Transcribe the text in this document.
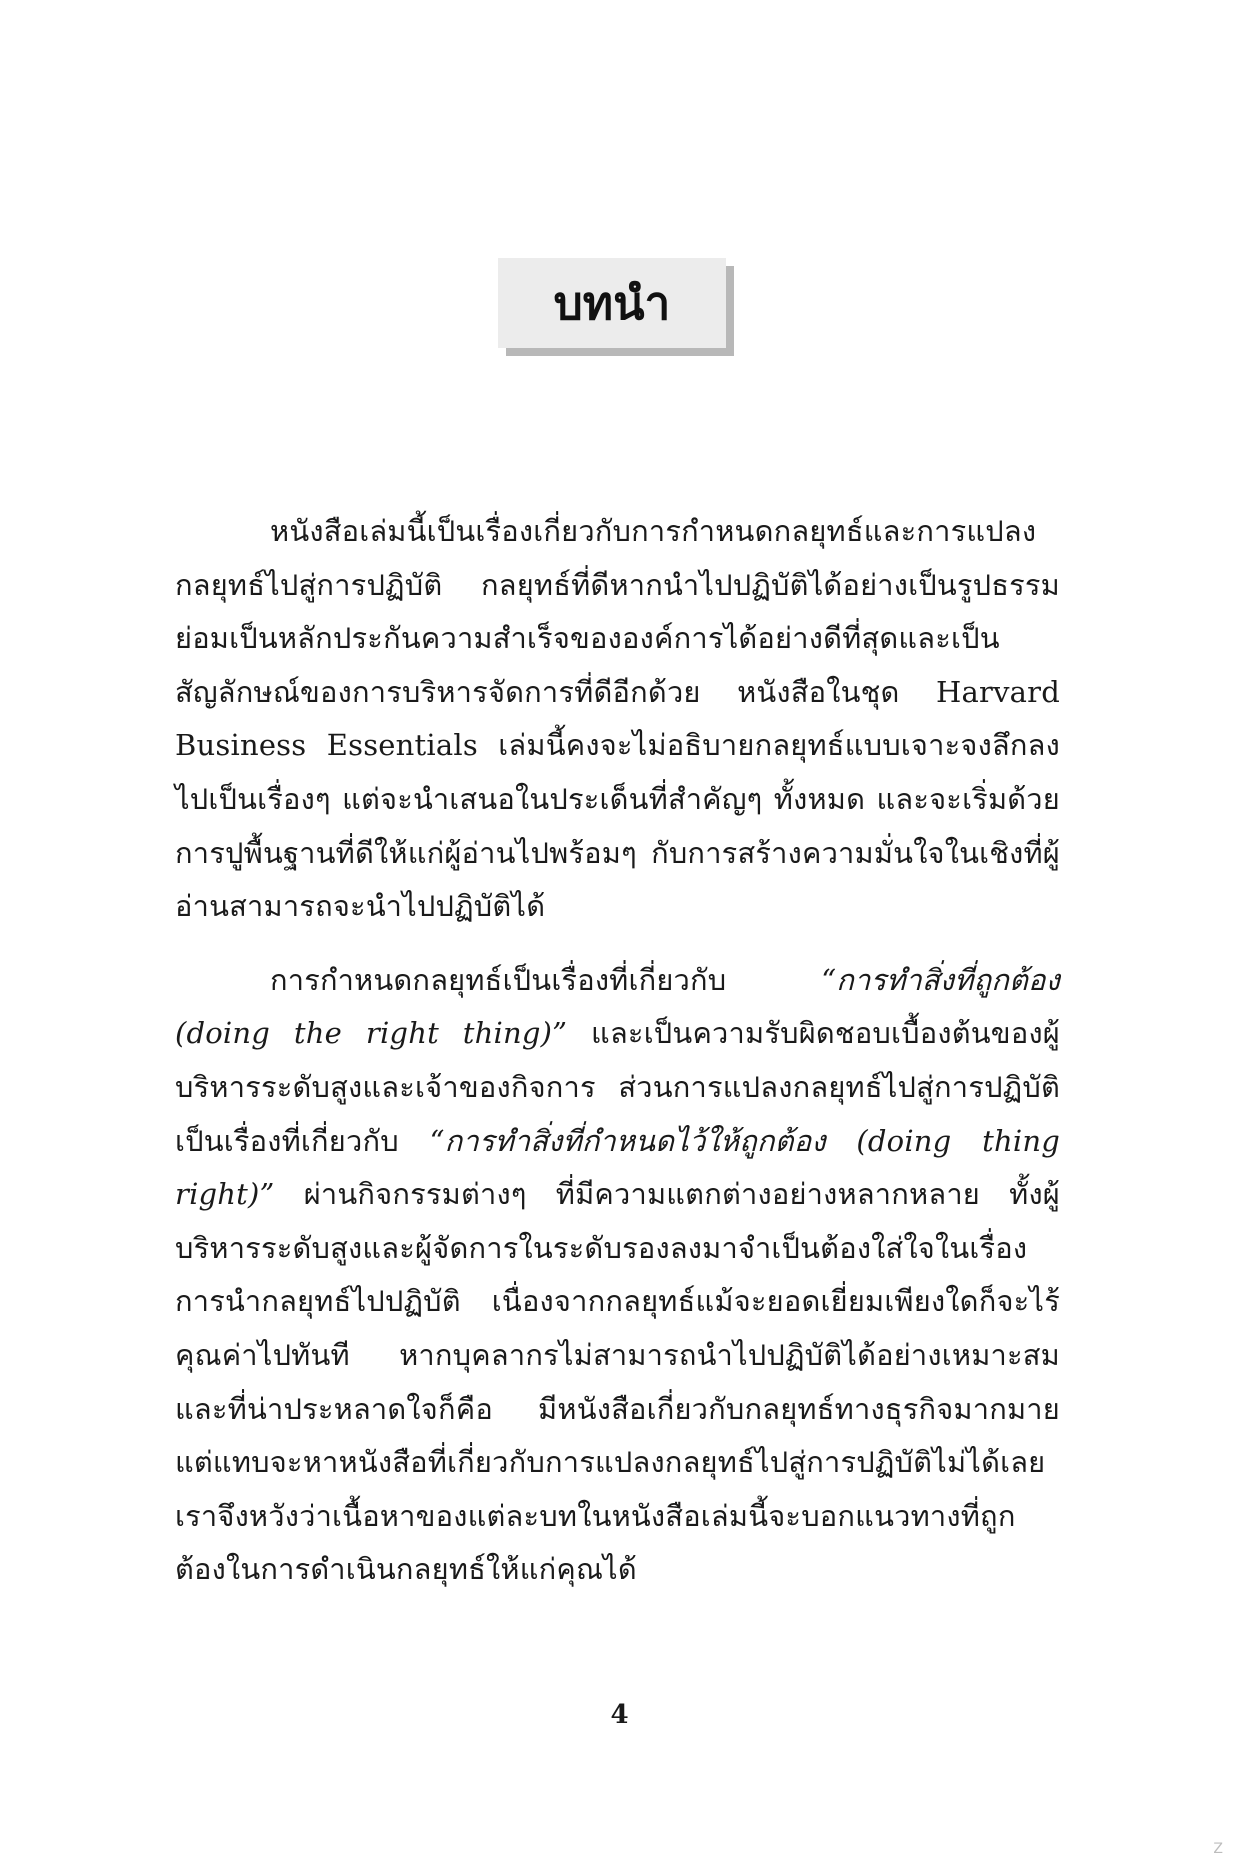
บทนำ

หนังสือเล่มนี้เป็นเรื่องเกี่ยวกับการกำหนดกลยุทธ์และการแปลงกลยุทธ์ไปสู่การปฏิบัติ กลยุทธ์ที่ดีหากนำไปปฏิบัติได้อย่างเป็นรูปธรรม ย่อมเป็นหลักประกันความสำเร็จขององค์การได้อย่างดีที่สุดและเป็นสัญลักษณ์ของการบริหารจัดการที่ดีอีกด้วย หนังสือในชุด Harvard Business Essentials เล่มนี้คงจะไม่อธิบายกลยุทธ์แบบเจาะจงลึกลงไปเป็นเรื่องๆ แต่จะนำเสนอในประเด็นที่สำคัญๆ ทั้งหมด และจะเริ่มด้วยการปูพื้นฐานที่ดีให้แก่ผู้อ่านไปพร้อมๆ กับการสร้างความมั่นใจในเชิงที่ผู้อ่านสามารถจะนำไปปฏิบัติได้

การกำหนดกลยุทธ์เป็นเรื่องที่เกี่ยวกับ “การทำสิ่งที่ถูกต้อง (doing the right thing)” และเป็นความรับผิดชอบเบื้องต้นของผู้บริหารระดับสูงและเจ้าของกิจการ ส่วนการแปลงกลยุทธ์ไปสู่การปฏิบัติเป็นเรื่องที่เกี่ยวกับ “การทำสิ่งที่กำหนดไว้ให้ถูกต้อง (doing thing right)” ผ่านกิจกรรมต่างๆ ที่มีความแตกต่างอย่างหลากหลาย ทั้งผู้บริหารระดับสูงและผู้จัดการในระดับรองลงมาจำเป็นต้องใส่ใจในเรื่องการนำกลยุทธ์ไปปฏิบัติ เนื่องจากกลยุทธ์แม้จะยอดเยี่ยมเพียงใดก็จะไร้คุณค่าไปทันที หากบุคลากรไม่สามารถนำไปปฏิบัติได้อย่างเหมาะสม และที่น่าประหลาดใจก็คือ มีหนังสือเกี่ยวกับกลยุทธ์ทางธุรกิจมากมาย แต่แทบจะหาหนังสือที่เกี่ยวกับการแปลงกลยุทธ์ไปสู่การปฏิบัติไม่ได้เลย เราจึงหวังว่าเนื้อหาของแต่ละบทในหนังสือเล่มนี้จะบอกแนวทางที่ถูกต้องในการดำเนินกลยุทธ์ให้แก่คุณได้

4
Z
